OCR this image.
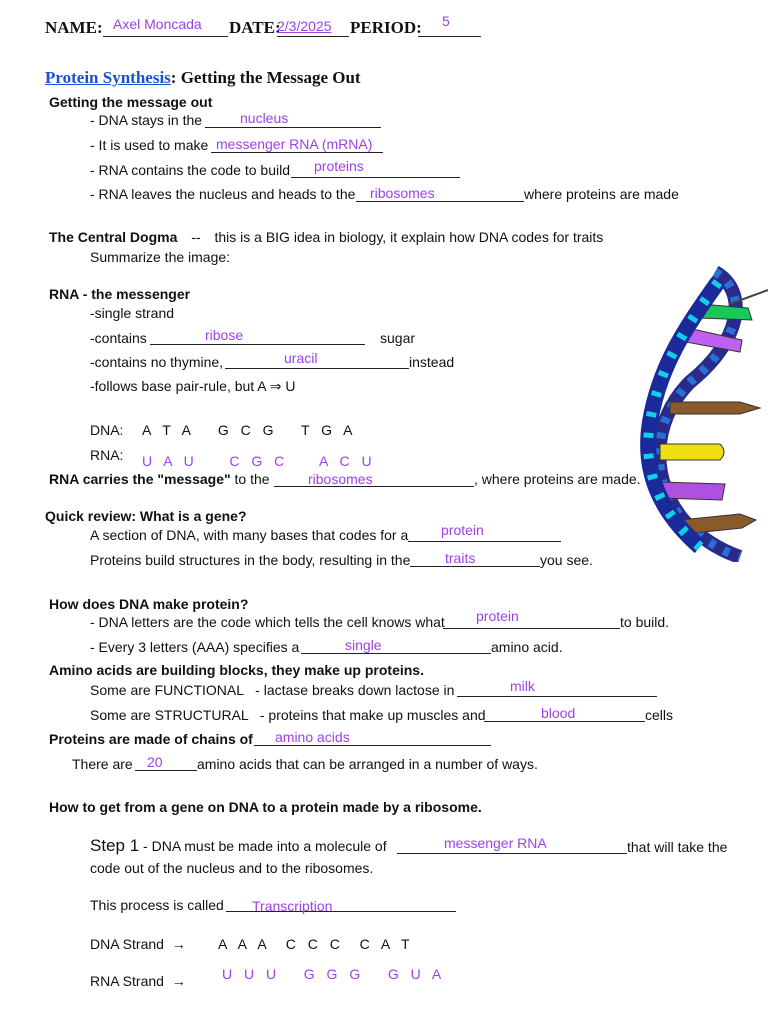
NAME: Axel Moncada DATE:
2/3/2025 PERIOD: 5
Protein Synthesis: Getting the Message Out
Getting the message out
- DNA stays in the	nucleus
- It is used to make messenger RNA (mRNA)
- RNA contains the code to build proteins
- RNA leaves the nucleus and heads to the ribosomes	where proteins are made
The Central Dogma -- this is a BIG idea in biology, it explain how DNA codes for traits
Summarize the image:
RNA - the messenger
-single strand
-contains	ribose	sugar
-contains no thymine,	uracil	instead
-follows base pair-rule, but A ⇒ U
DNA: A T A   G C G   T G A
RNA: U A U    C G C    A C U
RNA carries the "message" to the	ribosomes	, where proteins are made.
Quick review: What is a gene?
A section of DNA, with many bases that codes for a protein
Proteins build structures in the body, resulting in the traits	you see.
How does DNA make protein?
- DNA letters are the code which tells the cell knows what protein	to build.
- Every 3 letters (AAA) specifies a	single	amino acid.
Amino acids are building blocks, they make up proteins.
Some are FUNCTIONAL   - lactase breaks down lactose in	milk
Some are STRUCTURAL   - proteins that make up muscles and	blood	cells
Proteins are made of chains of amino acids
There are 20 amino acids that can be arranged in a number of ways.
How to get from a gene on DNA to a protein made by a ribosome.
Step 1 - DNA must be made into a molecule of	messenger RNA	that will take the
code out of the nucleus and to the ribosomes.
This process is called Transcription
DNA Strand  → A A A  C C C  C A T
RNA Strand  →	U U U   G G G   G U A
